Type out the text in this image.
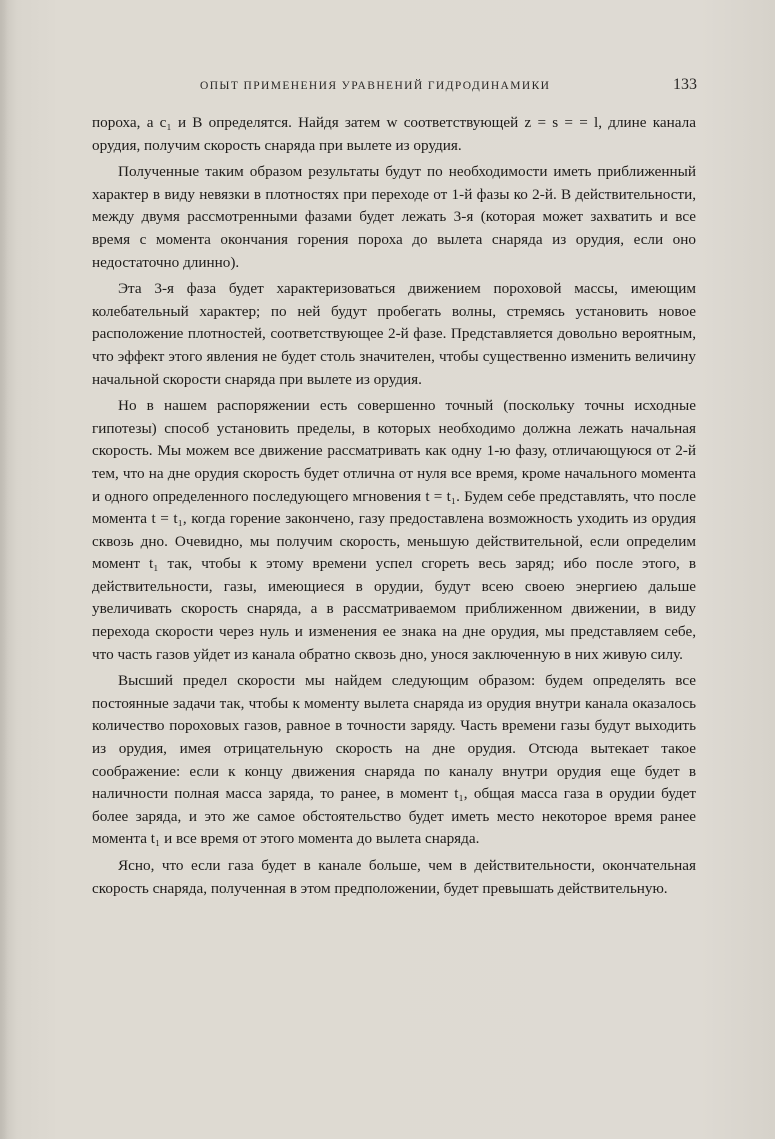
ОПЫТ ПРИМЕНЕНИЯ УРАВНЕНИЙ ГИДРОДИНАМИКИ	133

пороха, а c₁ и B определятся. Найдя затем w соответствующей z = s = = l, длине канала орудия, получим скорость снаряда при вылете из орудия.

Полученные таким образом результаты будут по необходимости иметь приближенный характер в виду невязки в плотностях при переходе от 1-й фазы ко 2-й. В действительности, между двумя рассмотренными фазами будет лежать 3-я (которая может захватить и все время с момента окончания горения пороха до вылета снаряда из орудия, если оно недостаточно длинно).

Эта 3-я фаза будет характеризоваться движением пороховой массы, имеющим колебательный характер; по ней будут пробегать волны, стремясь установить новое расположение плотностей, соответствующее 2-й фазе. Представляется довольно вероятным, что эффект этого явления не будет столь значителен, чтобы существенно изменить величину начальной скорости снаряда при вылете из орудия.

Но в нашем распоряжении есть совершенно точный (поскольку точны исходные гипотезы) способ установить пределы, в которых необходимо должна лежать начальная скорость. Мы можем все движение рассматривать как одну 1-ю фазу, отличающуюся от 2-й тем, что на дне орудия скорость будет отлична от нуля все время, кроме начального момента и одного определенного последующего мгновения t = t₁. Будем себе представлять, что после момента t = t₁, когда горение закончено, газу предоставлена возможность уходить из орудия сквозь дно. Очевидно, мы получим скорость, меньшую действительной, если определим момент t₁ так, чтобы к этому времени успел сгореть весь заряд; ибо после этого, в действительности, газы, имеющиеся в орудии, будут всею своею энергиею дальше увеличивать скорость снаряда, а в рассматриваемом приближенном движении, в виду перехода скорости через нуль и изменения ее знака на дне орудия, мы представляем себе, что часть газов уйдет из канала обратно сквозь дно, унося заключенную в них живую силу.

Высший предел скорости мы найдем следующим образом: будем определять все постоянные задачи так, чтобы к моменту вылета снаряда из орудия внутри канала оказалось количество пороховых газов, равное в точности заряду. Часть времени газы будут выходить из орудия, имея отрицательную скорость на дне орудия. Отсюда вытекает такое соображение: если к концу движения снаряда по каналу внутри орудия еще будет в наличности полная масса заряда, то ранее, в момент t₁, общая масса газа в орудии будет более заряда, и это же самое обстоятельство будет иметь место некоторое время ранее момента t₁ и все время от этого момента до вылета снаряда.

Ясно, что если газа будет в канале больше, чем в действительности, окончательная скорость снаряда, полученная в этом предположении, будет превышать действительную.
